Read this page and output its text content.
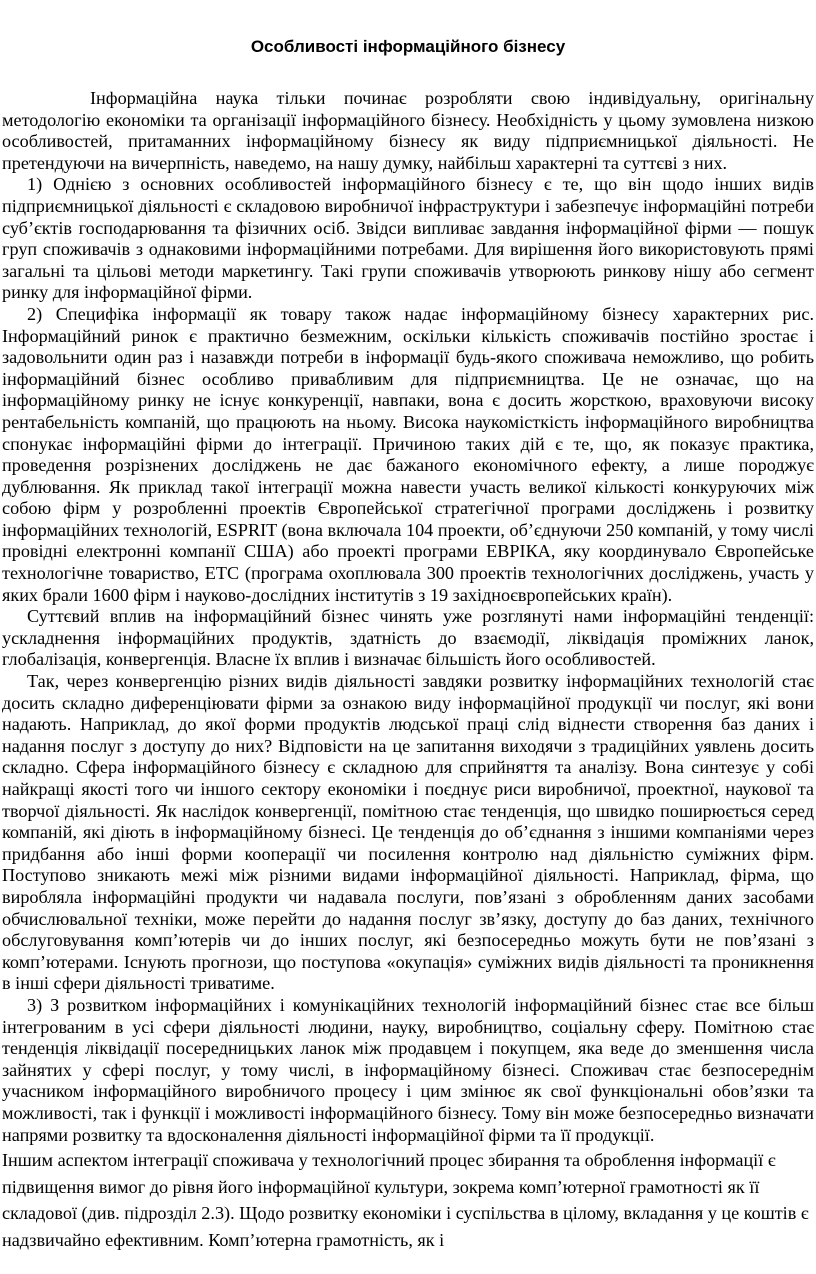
Особливості інформаційного бізнесу

Інформаційна наука тільки починає розробляти свою індивідуальну, оригінальну методологію економіки та організації інформаційного бізнесу. Необхідність у цьому зумовлена низкою особливостей, притаманних інформаційному бізнесу як виду підприємницької діяльності. Не претендуючи на вичерпність, наведемо, на нашу думку, найбільш характерні та суттєві з них.

1) Однією з основних особливостей інформаційного бізнесу є те, що він щодо інших видів підприємницької діяльності є складовою виробничої інфраструктури і забезпечує інформаційні потреби суб’єктів господарювання та фізичних осіб. Звідси випливає завдання інформаційної фірми — пошук груп споживачів з однаковими інформаційними потребами. Для вирішення його використовують прямі загальні та цільові методи маркетингу. Такі групи споживачів утворюють ринкову нішу або сегмент ринку для інформаційної фірми.

2) Специфіка інформації як товару також надає інформаційному бізнесу характерних рис. Інформаційний ринок є практично безмежним, оскільки кількість споживачів постійно зростає і задовольнити один раз і назавжди потреби в інформації будь-якого споживача неможливо, що робить інформаційний бізнес особливо привабливим для підприємництва. Це не означає, що на інформаційному ринку не існує конкуренції, навпаки, вона є досить жорсткою, враховуючи високу рентабельність компаній, що працюють на ньому. Висока наукомісткість інформаційного виробництва спонукає інформаційні фірми до інтеграції. Причиною таких дій є те, що, як показує практика, проведення розрізнених досліджень не дає бажаного економічного ефекту, а лише породжує дублювання. Як приклад такої інтеграції можна навести участь великої кількості конкуруючих між собою фірм у розробленні проектів Європейської стратегічної програми досліджень і розвитку інформаційних технологій, ESPRIT (вона включала 104 проекти, об’єднуючи 250 компаній, у тому числі провідні електронні компанії США) або проекті програми ЕВРІКА, яку координувало Європейське технологічне товариство, ЕТС (програма охоплювала 300 проектів технологічних досліджень, участь у яких брали 1600 фірм і науково-дослідних інститутів з 19 західноєвропейських країн).

Суттєвий вплив на інформаційний бізнес чинять уже розглянуті нами інформаційні тенденції: ускладнення інформаційних продуктів, здатність до взаємодії, ліквідація проміжних ланок, глобалізація, конвергенція. Власне їх вплив і визначає більшість його особливостей.

Так, через конвергенцію різних видів діяльності завдяки розвитку інформаційних технологій стає досить складно диференціювати фірми за ознакою виду інформаційної продукції чи послуг, які вони надають. Наприклад, до якої форми продуктів людської праці слід віднести створення баз даних і надання послуг з доступу до них? Відповісти на це запитання виходячи з традиційних уявлень досить складно. Сфера інформаційного бізнесу є складною для сприйняття та аналізу. Вона синтезує у собі найкращі якості того чи іншого сектору економіки і поєднує риси виробничої, проектної, наукової та творчої діяльності. Як наслідок конвергенції, помітною стає тенденція, що швидко поширюється серед компаній, які діють в інформаційному бізнесі. Це тенденція до об’єднання з іншими компаніями через придбання або інші форми кооперації чи посилення контролю над діяльністю суміжних фірм. Поступово зникають межі між різними видами інформаційної діяльності. Наприклад, фірма, що виробляла інформаційні продукти чи надавала послуги, пов’язані з обробленням даних засобами обчислювальної техніки, може перейти до надання послуг зв’язку, доступу до баз даних, технічного обслуговування комп’ютерів чи до інших послуг, які безпосередньо можуть бути не пов’язані з комп’ютерами. Існують прогнози, що поступова «окупація» суміжних видів діяльності та проникнення в інші сфери діяльності триватиме.

3) З розвитком інформаційних і комунікаційних технологій інформаційний бізнес стає все більш інтегрованим в усі сфери діяльності людини, науку, виробництво, соціальну сферу. Помітною стає тенденція ліквідації посередницьких ланок між продавцем і покупцем, яка веде до зменшення числа зайнятих у сфері послуг, у тому числі, в інформаційному бізнесі. Споживач стає безпосереднім учасником інформаційного виробничого процесу і цим змінює як свої функціональні обов’язки та можливості, так і функції і можливості інформаційного бізнесу. Тому він може безпосередньо визначати напрями розвитку та вдосконалення діяльності інформаційної фірми та її продукції.

Іншим аспектом інтеграції споживача у технологічний процес збирання та оброблення інформації є підвищення вимог до рівня його інформаційної культури, зокрема комп’ютерної грамотності як її складової (див. підрозділ 2.3). Щодо розвитку економіки і суспільства в цілому, вкладання у це коштів є надзвичайно ефективним. Комп’ютерна грамотність, як і
